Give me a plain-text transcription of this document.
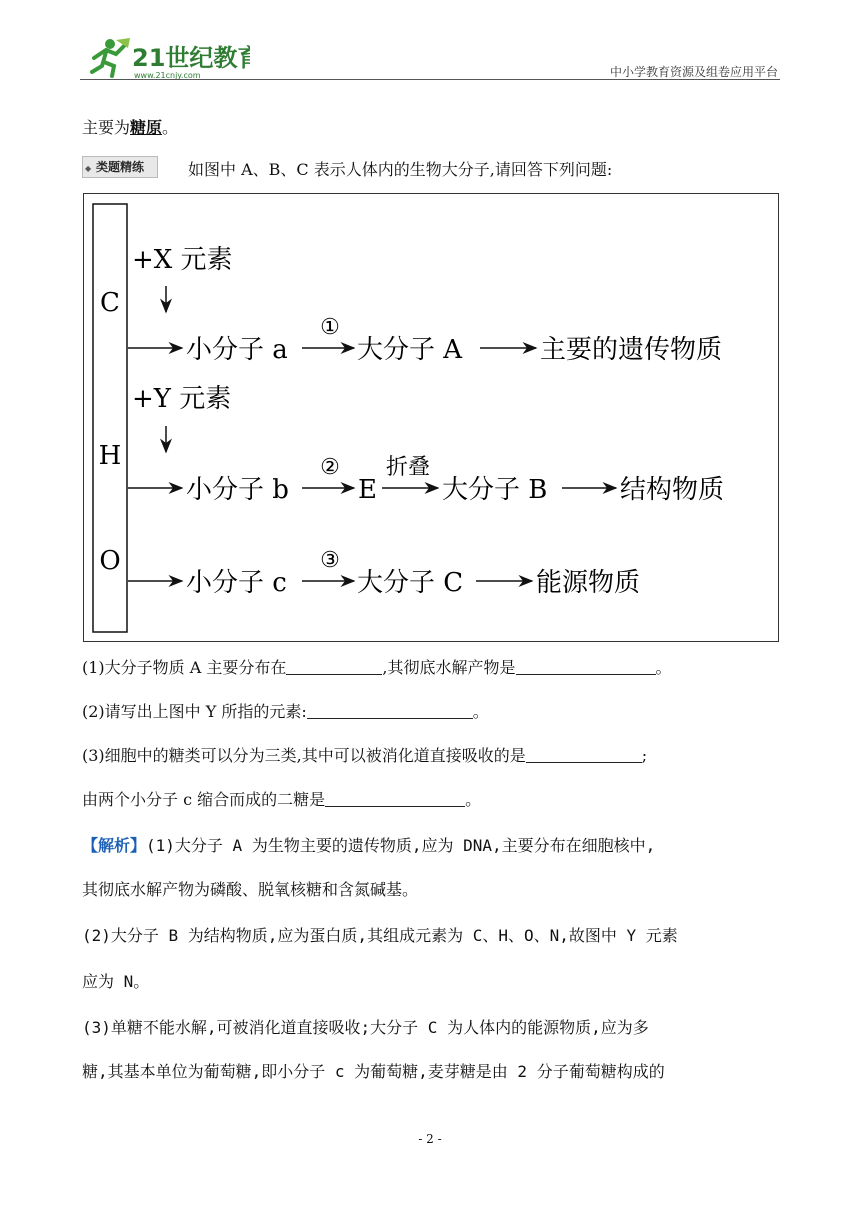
21世纪教育
www.21cnjy.com	中小学教育资源及组卷应用平台
主要为糖原。
◆ 类题精练	如图中 A、B、C 表示人体内的生物大分子,请回答下列问题:
C
H
O
+X 元素
小分子 a
①
大分子 A	主要的遗传物质
+Y 元素
小分子 b
②
E
折叠
大分子 B	结构物质
小分子 c
③
大分子 C	能源物质
(1)大分子物质 A 主要分布在	,其彻底水解产物是	。
(2)请写出上图中 Y 所指的元素:	。
(3)细胞中的糖类可以分为三类,其中可以被消化道直接吸收的是	;
由两个小分子 c 缩合而成的二糖是	。
【解析】(1)大分子 A 为生物主要的遗传物质,应为 DNA,主要分布在细胞核中,
其彻底水解产物为磷酸、脱氧核糖和含氮碱基。
(2)大分子 B 为结构物质,应为蛋白质,其组成元素为 C、H、O、N,故图中 Y 元素
应为 N。
(3)单糖不能水解,可被消化道直接吸收;大分子 C 为人体内的能源物质,应为多
糖,其基本单位为葡萄糖,即小分子 c 为葡萄糖,麦芽糖是由 2 分子葡萄糖构成的
- 2 -
